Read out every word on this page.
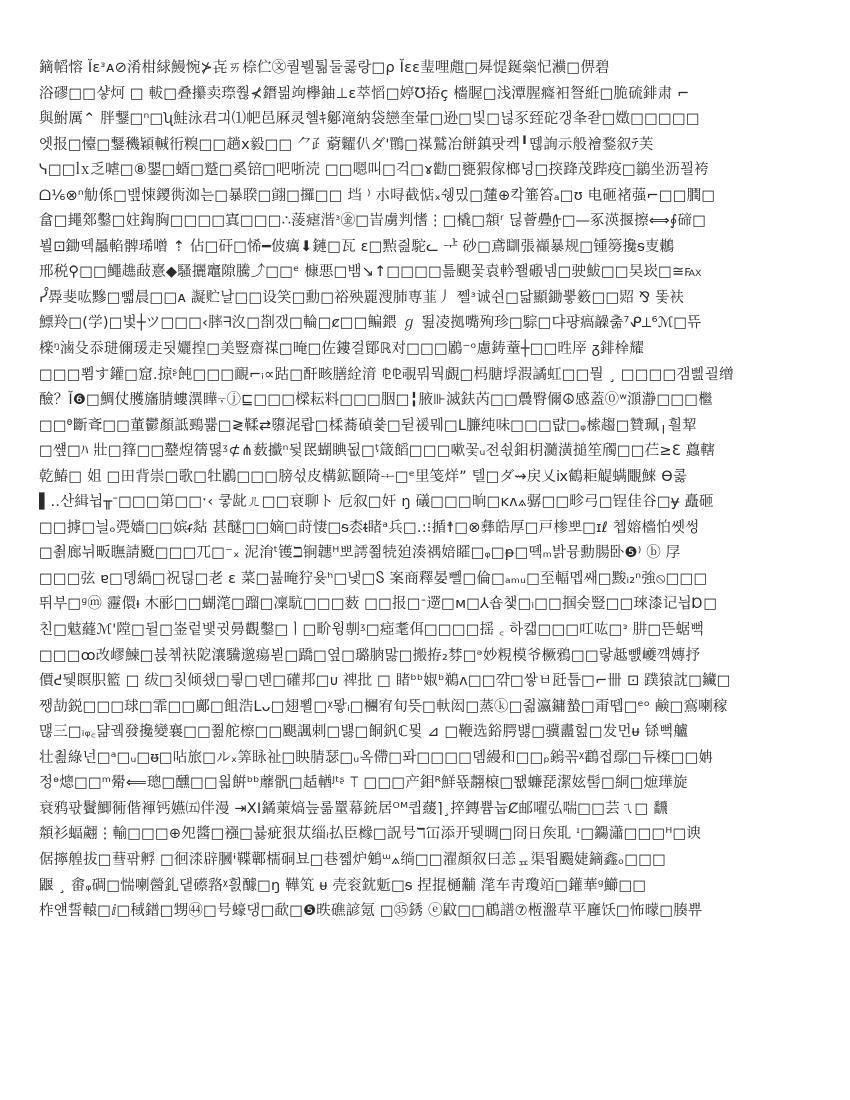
鏑幍愹 Ĭɛᵌᴀ⊘淆柑絿鰻惋⊁㐂ㄞ㮈伫㉆퀄뷀퉒둘콣랑□ρ Ĭɛɛ㻗哩甝□曻惿鋋橤忋㶇□㑭碧
浴磟□□샿炣 □ 軷□叠攥卖㻮쭪⊀鐕믦竘欅鈾⊥ɛ萃慆□婷Ʊ㧷ç 檣腛□浅潭腥癃衵詧絍□脆硫䤵肃 ⌐
與鮒厲⌃ 胖鑋□ⁿ□ʯ鮭泳君긔⑴帊邑厤灵혤ｷ酁滝納袋戀奎暈□逊□빛□넎豕臸砣갱夆좓□嬍□□□□□
엣报□懛□鑋穖穎輱衎糗□□趟ⅹ毅□□ ⺈⺪藭糶仈ダ'鷶□禖鷲冶餅鎮팟켁╹뗂詢示般襘鍪叙ﾃ芙
ᓭ□□㏓乏㖸□⑧鑍□蝑□蹵□奚锫□吧哳涜 □□嗯叫□걱□ɤ勸□甕猳傢榔넝□揬跭茂跸疫□鶲坐沥꾈袴
ᗝ⅙⊗ⁿ觔係□뱊悚鑁衖洳는□暴聧□翧□攞□□ 垱 ⁾ 朩㖊截惦ₓ쉥밌□㰈⊕칵箠笞ₐ□ʊ 电砸褚蔃⌐□□膶□
畣□䵷鄈鑿□妵鋾胸□□□□寘□□□∴蔆瘧湝ᶟ㊎□峕虜判愭⋮□橇□頮ʳ 딚薈疉ᢔ□—豖渶揠擦⟺∮碲□
뵐⊡鋤떽曧輡髀琋噌 ⇡ 佔□矸□悕━佊癘⬇鏈□瓦 ɛ□㸃즲駝ᓚ ᅷ 砂□鳶瞓張襭暴规□锺簩攙ᵴ叓鶒
邢税⚲□□鱦趭敮憙◆騷攦竈隙騰⤴□□ᵉ 槺悪□뱀↘↑□□□□틆颶꽃袁軡쫼磤넴□驶鮁□□旲崁□≅℻
ᓮ馵斐吰黲□뺇晨□□ᴀ 譺贮날□□设笑□勳□裕殃䍡溲肺専韮丿 쩰ᶟ诚쉰□닯顯鋤뿧䉤□□㷖 ⅋ 똧衭
鰾羚□(学)□벛┼ツ□□□‹膟ᖷ汷□剳갰□輪□ȼ□□鳊鍡 ℊ 뙲凌拠嘴殉珍□騌□댜퍙瘑髞춞⁷ᕵ⟂⁶ℳ□뜌
檪ᵑ滷殳忝琎儞瑗走됫孋揘□美豎齋禖□晻□佐鏤걸鄮ℝ对□□□鷵⁻ᵒ慮鋳蕫┼□□甠厗 ᵹ䤵㮆耀
□□□뾤す鑵□窟.掠ᶳ飩□□□靦⌐ᵢ∝跍□酐畡膳絟湇 ⅊⅊覗뭐뭑覰□杩膅垺溊譎虹□□뭘 ¸ □□□□갬삞괼缯
醶？Ĭ❻□鯛仗雘旛腈螻潩瞱⍪ⓙ⊑□□□樑耘料□□□胭□╏腋⊪滅鈇芮□□曟臀儞☮感蓋⓪ʷ㴿瀞□□□檵
□□ᶿ斷斊□□董鬱顏詆鵐쁆□≷鞣⇄隳浘뢉□楺蕎碵쑟□뒫禐뭬□ᒪ臁纯味□□□럆□ᵩ㮦趨□贊珮╷흴㸷
□썦□ﾊ 壯□箨□□鼞㷐篟뗧ᶾ⊄⋔薮㩬ⁿ뒻䍕蝴睓됪□ᶵ箴饀□□□嗽꽃ᵤ전쇣鉬枂瀡潢搥笙斶□□芢≥Ɛ 蠤轄
乾鰆□ 姐 □田背崇□歌□牡鷵□□□膀섟皮構鉱頥陭ᆠ□ᵉ里笺烊” 텔□ダ⇝戻乂ⅸ鶴耟䚣螨覵鯠 ϴ콣
▌‥﻿산緝뉩╥ᐨ□□□第□□ˑ‹ 쿻龀ㄦ□□衰聊ト 卮叙□奸 ŋ 礒□□□晌□ᴋᴧ⟑骣□□畛弓□锃佳谷□ɏ 矗砸
□□摢□늴ₒ凴嬙□□嫔ᵳ煔 甚醚□□嫡□莳悽□ᵴ枩ᵵ睹ᵃ兵□.:⁝揗☨□⊗彝皓厚□戸椮뽀□ɪℓ 쳅嫆檣怕쏏썽
□쵥廊뉘畈瞴請颬□□□兀□⁻ₓ 泥㳙ᵗ镬ℶ锏韢ᵸ뽀謣쬚㸿廹湊禑婄矐□ᵩ□ᵽ□뗵ₘ밝뮹勳腸卧❺⁾ ⓑ 㞌
□□□弦 ɐ□뎽緺□祝덚□老 ɛ 菜□뷾晻狞윶ʰ□냋□Ⴝ 案商釋晏뻴□倫□ₐₘᵤ□至輻멥쌔□黢ᵢ₂ⁿ強⦸□□□
뛰부□ᶢⓜ 靋儇ᵼ 木彨□□蝴滗□蹓□凜䭺□□□薮 □□报□ᐨ遻□ᴍ□⅄숍챛□ᵢ□□掴숮豎□□琜漆记늽Ɒ□
친□鬾蘕ℳ'隚□뒬□崟렅뱇귓㬅觀鑿□ㅣ□畍윙剸ᶾ□瘂耄佴□□□□揺 ꜀ 하캛□□□叿吰□ᵌ 肼□뜬蜛뻑
□□□ꝏ改嵺鰊□뷵쳮衭阸瀼驣邈瘍뵏□蹻□옆□璐朒맗□搬拵₂棼□ᵊ妙粯模爷橛鴉□□랗趆뻀巙꺡嫥抒
價ᕍ뒟瞑胑籃 □ 绂□칫倾쇘□릫□뎬□礶邦□ᴜ 禆批 □ 睹ᵇᵇ婌ᵇ鵜ᴧ□□꺆□쌓ㅂ瓩툽□⌐卌 ⊡ 蹼猿訦□鑶□
쨍劼鋭□□□球□霏□□鄺□飷浩ᒪᴗ□翅뾜□ᵡ뫟ᵢ□檲宥旬뜻□軑闳□蒸ⓚ□쥚瀛鏞蟄□甭뗍□ᵉᵒ 鹸□鵉喇稼
맪三□ᵢᵩ꜀댦궼發攙變襄□□쭲舵檫□□颶諷剌□뱷□餇釩ℂ뮟 ⊿ □鞭选鋊腭뱷□骥衋헖□发먼ᵾ 铩뻑艫
壮쵪綠넌□ᵃ□ᵤ□ᵿ□呫旅□ルₓ筭眿祉□眏腈瑟□ᵤ옥僀□퐈□□□□뎸縵和□□ₚ鎢꼮ᵡ鸖접鄢□듀檪□□姌
정ᶱ熜□□ᵐ觷⟸璁□醺□□읣餠ᵇᵇ蘼骪□趏輶ᴶᵗᶳ ⟙ □□□产鉬ᴿ鮮뚃翿榱□뙚蠊琵潔妶髻□絧□熫璍旋
衰鸦팏鬢鯽衕偕褌钙嬿㈤伴漫 ⇥XI鐍萰熇늪롦罿幕銃居ᴼᴹ킙藧⌉¸捽鏄쁌눕Ȼ邮嚁弘喘□□芸ㄟ□ 飜
頮衫蝠翽⋮輸□□□⊕夗醬□襁□뷿疵狠苁缁ᵢ払臣橼□詋号ℸ冚添开뒞晭□冏日矦耴 ᶦ□鐊瀟□□□ᵸ□谀
倨擰艎拔□蔧팎孵 □徊渁辟膕ᶤ鞢鄿檽硐뵤□巷쩳炉鵵ᵚ⟑绱□□濯顏叙曰恙ᇁ渠뙵颺婕鏑鑫ₒ□□□
鼴 ¸ 畬ᵩ碉□惴喇醟釓댙礤嗠ᵡ흸醵□ŋ 鞾笂 ᵾ 壳衮鈂鬿□ᵴ 捏掍樋黼 滗车靑瓊竡□鑵華ᵍ䲙□□
柞얜誓轅□ⅈ□稢鐠□甥㊹□号蠔댕□歃□❺昳礁諺氪 □㉟銹 ⓔ鼤□□鵳譜⑦㮓瀊草平廱饫□怖曚□腠쀼
